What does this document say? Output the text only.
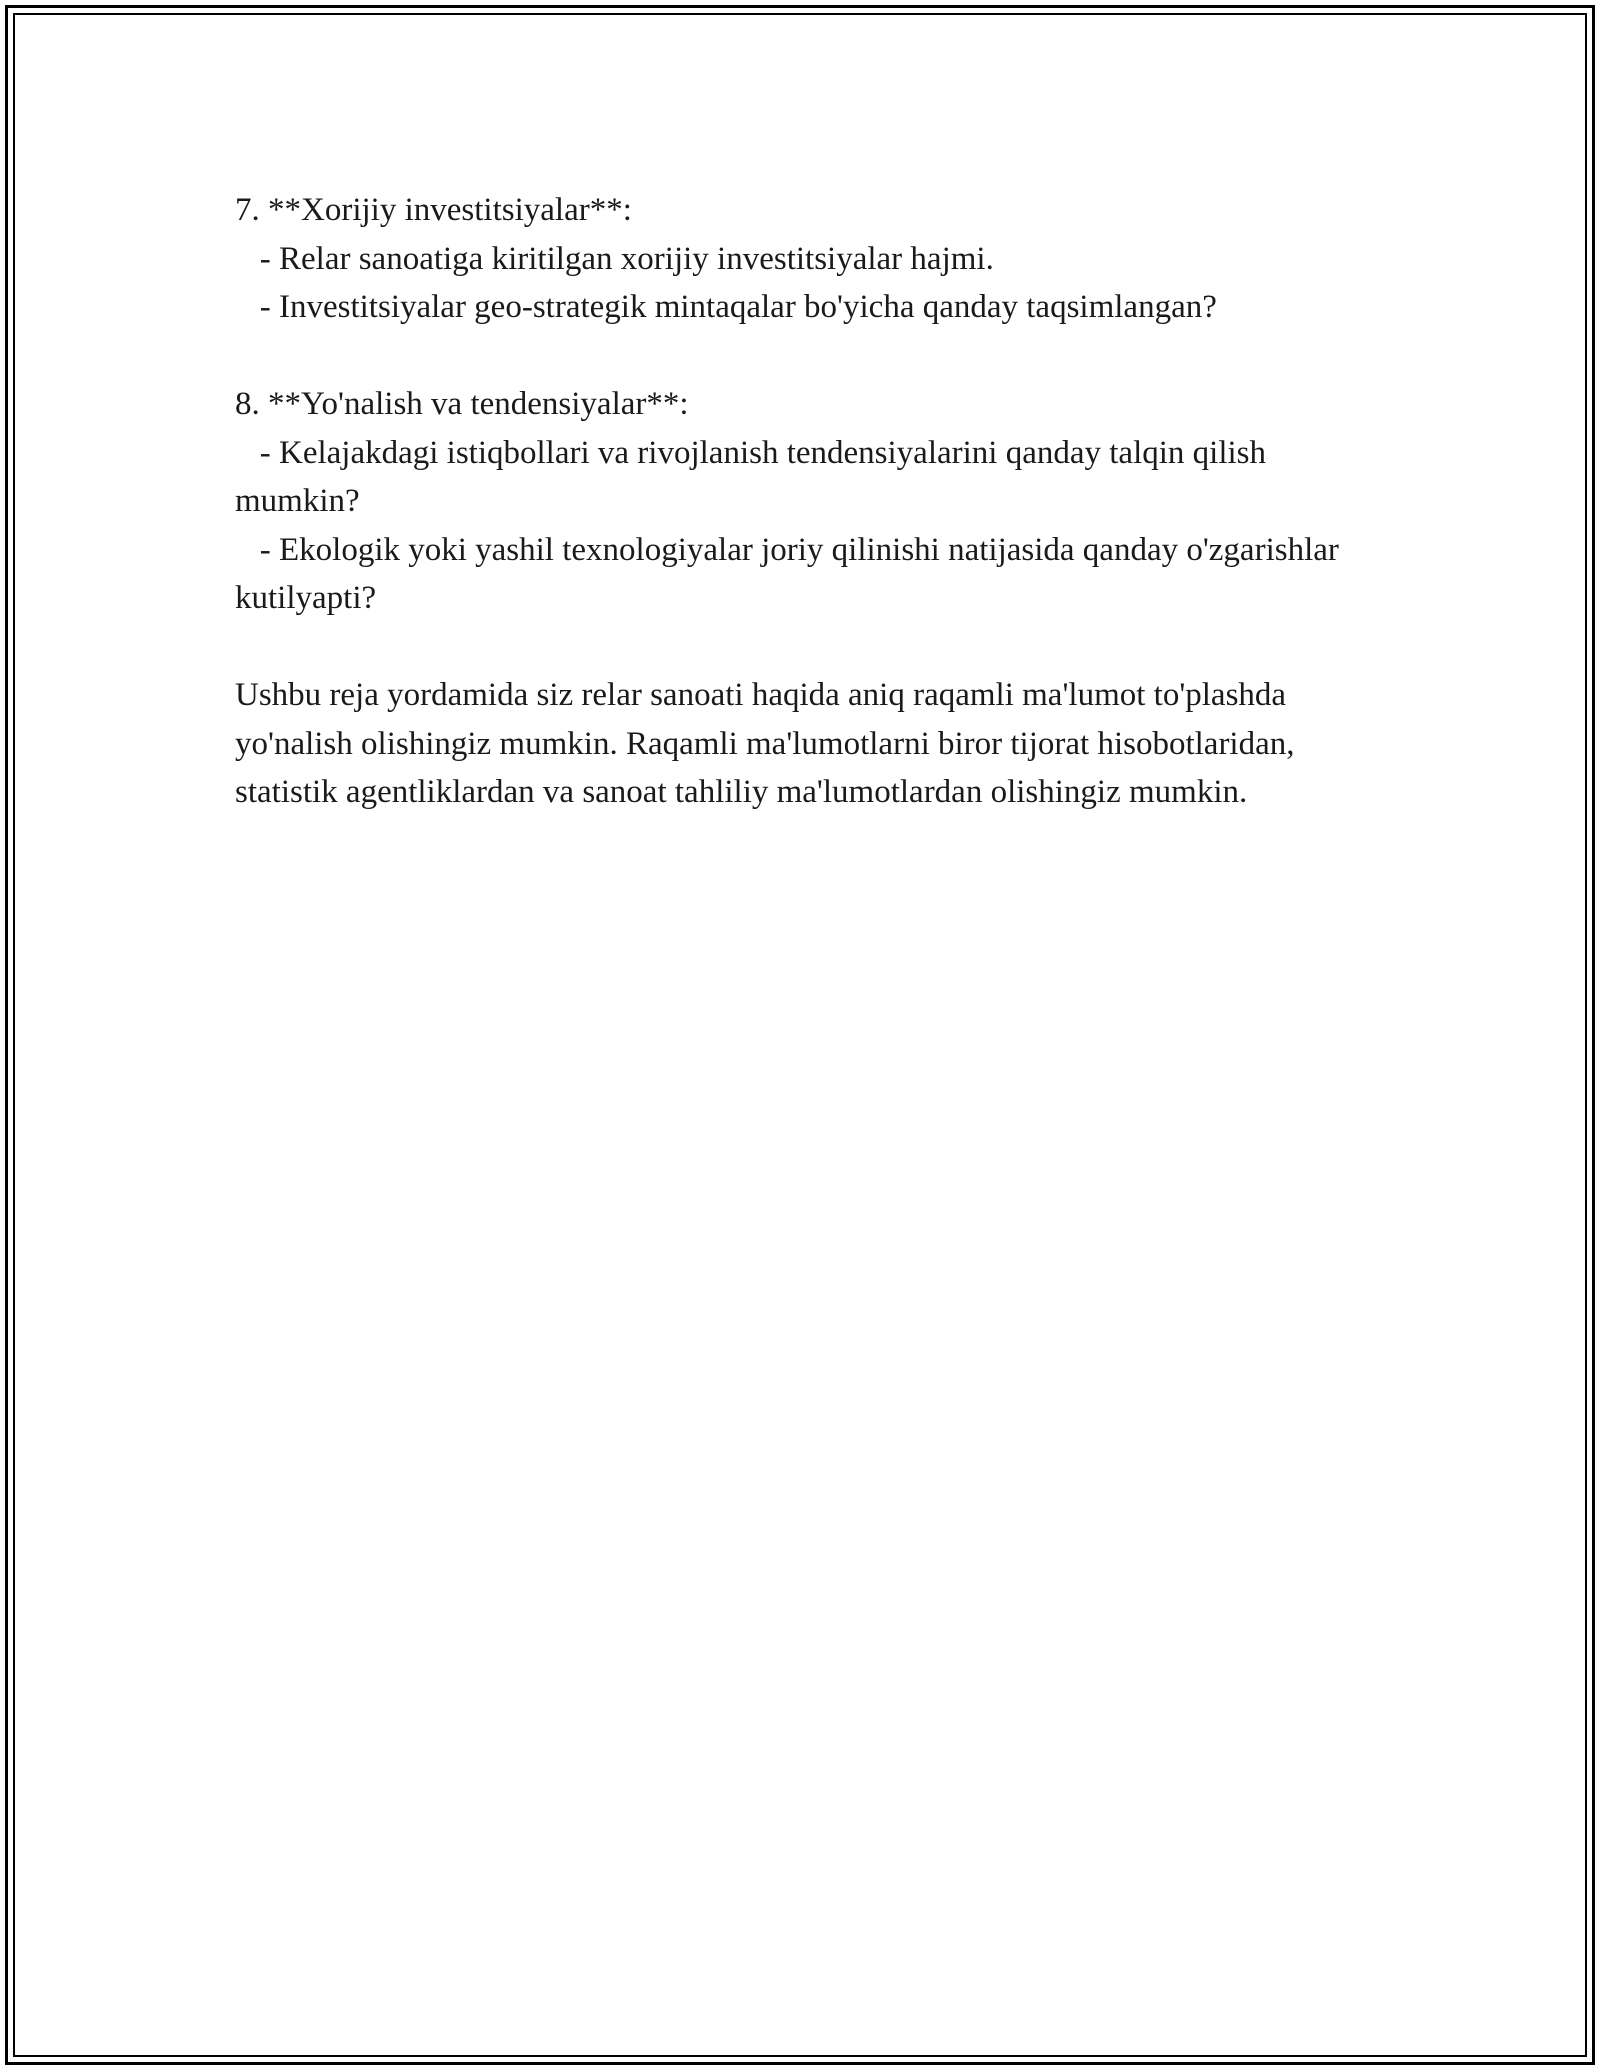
7. **Xorijiy investitsiyalar**:

- Relar sanoatiga kiritilgan xorijiy investitsiyalar hajmi.

- Investitsiyalar geo-strategik mintaqalar bo'yicha qanday taqsimlangan?

8. **Yo'nalish va tendensiyalar**:

- Kelajakdagi istiqbollari va rivojlanish tendensiyalarini qanday talqin qilish mumkin?

- Ekologik yoki yashil texnologiyalar joriy qilinishi natijasida qanday o'zgarishlar kutilyapti?

Ushbu reja yordamida siz relar sanoati haqida aniq raqamli ma'lumot to'plashda yo'nalish olishingiz mumkin. Raqamli ma'lumotlarni biror tijorat hisobotlaridan, statistik agentliklardan va sanoat tahliliy ma'lumotlardan olishingiz mumkin.
